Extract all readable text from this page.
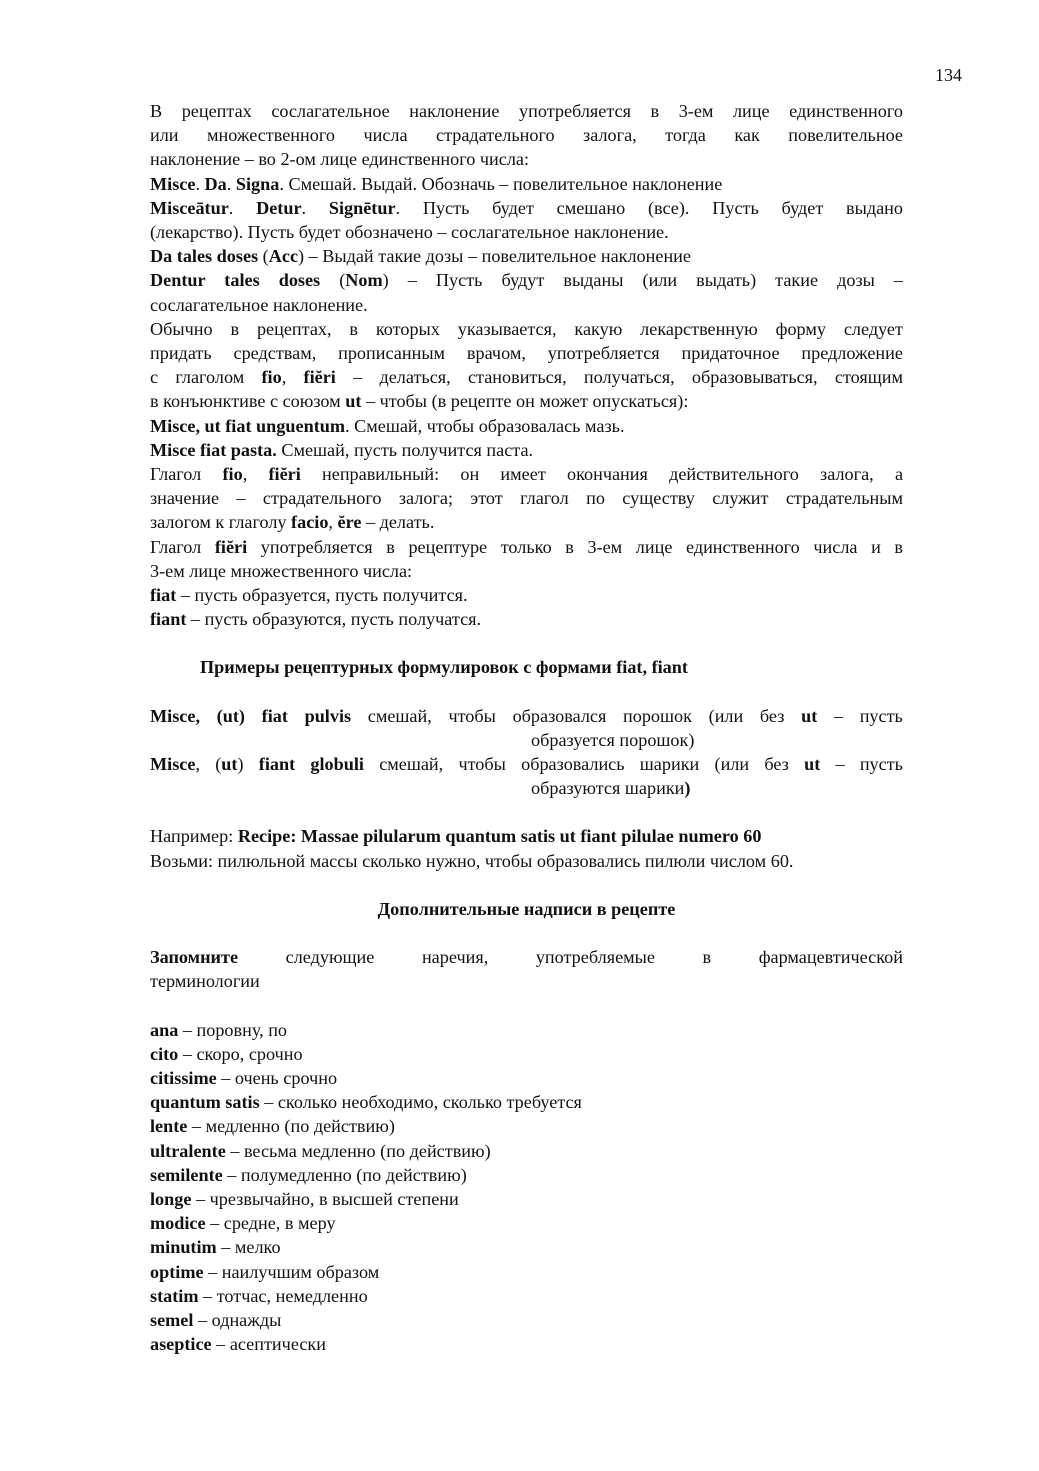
134

В рецептах сослагательное наклонение употребляется в 3-ем лице единственного

или множественного числа страдательного залога, тогда как повелительное

наклонение – во 2-ом лице единственного числа:

Misce. Da. Signa. Смешай. Выдай. Обозначь – повелительное наклонение

Misceātur. Detur. Signētur. Пусть будет смешано (все). Пусть будет выдано

(лекарство). Пусть будет обозначено – сослагательное наклонение.

Da tales doses (Acc) – Выдай такие дозы – повелительное наклонение

Dentur tales doses (Nom) – Пусть будут выданы (или выдать) такие дозы –

сослагательное наклонение.

Обычно в рецептах, в которых указывается, какую лекарственную форму следует

придать средствам, прописанным врачом, употребляется придаточное предложение

с глаголом fio, fiĕri – делаться, становиться, получаться, образовываться, стоящим

в конъюнктиве с союзом ut – чтобы (в рецепте он может опускаться):

Misce, ut fiat unguentum. Смешай, чтобы образовалась мазь.

Misce fiat pasta. Смешай, пусть получится паста.

Глагол fio, fiĕri неправильный: он имеет окончания действительного залога, а

значение – страдательного залога; этот глагол по существу служит страдательным

залогом к глаголу facio, ĕre – делать.

Глагол fiĕri употребляется в рецептуре только в 3-ем лице единственного числа и в

3-ем лице множественного числа:

fiat – пусть образуется, пусть получится.

fiant – пусть образуются, пусть получатся.

Примеры рецептурных формулировок с формами fiat, fiant

Misce, (ut) fiat pulvis смешай, чтобы образовался порошок (или без ut – пусть

образуется порошок)

Misce, (ut) fiant globuli смешай, чтобы образовались шарики (или без ut – пусть

образуются шарики)

Например: Recipe: Massae pilularum quantum satis ut fiant pilulae numero 60

Возьми: пилюльной массы сколько нужно, чтобы образовались пилюли числом 60.

Дополнительные надписи в рецепте

Запомните	следующие	наречия,	употребляемые	в	фармацевтической

терминологии

ana – поровну, по

cito – скоро, срочно

citissime – очень срочно

quantum satis – сколько необходимо, сколько требуется

lente – медленно (по действию)

ultralente – весьма медленно (по действию)

semilente – полумедленно (по действию)

longe – чрезвычайно, в высшей степени

modice – средне, в меру

minutim – мелко

optime – наилучшим образом

statim – тотчас, немедленно

semel – однажды

aseptice – асептически
